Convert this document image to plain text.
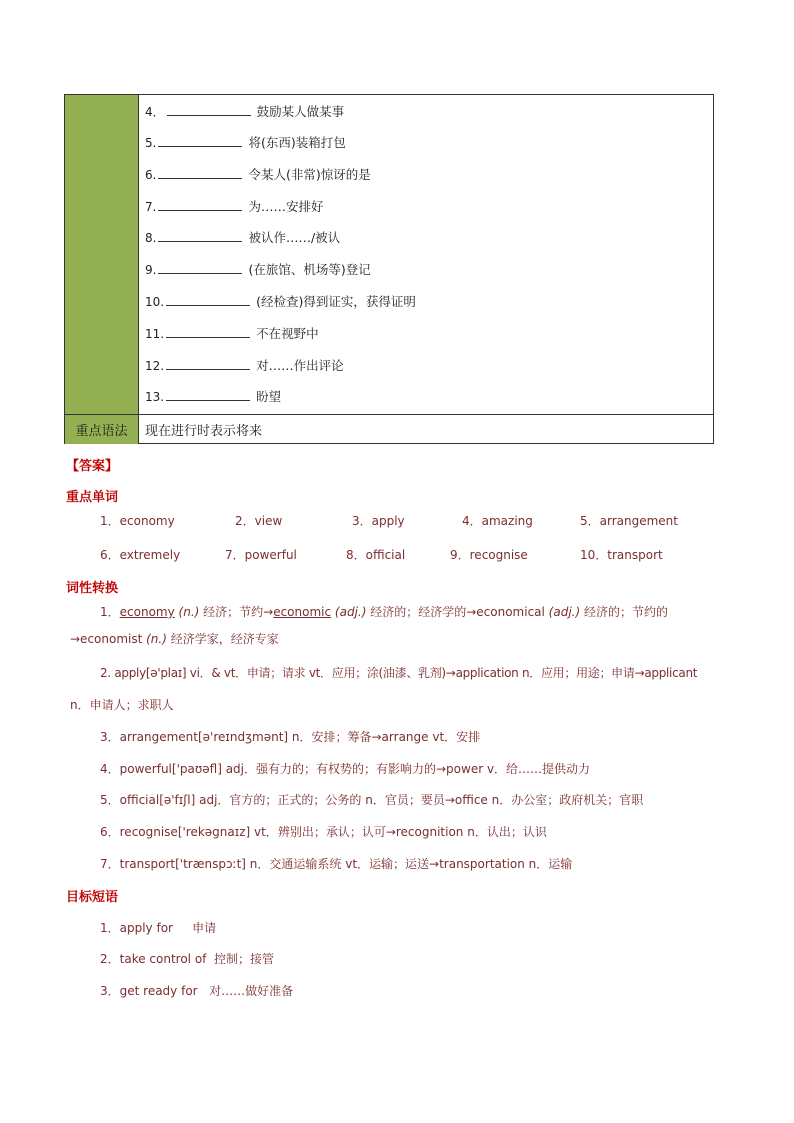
重点语法	现在进行时表示将来
4．	鼓励某人做某事
5.	将(东西)装箱打包
6.	令某人(非常)惊讶的是
7.	为……安排好
8.	被认作……/被认
9.	(在旅馆、机场等)登记
10.	(经检查)得到证实，获得证明
11.	不在视野中
12.	对……作出评论
13.	盼望
【答案】
重点单词
1．economy	2．view	3．apply	4．amazing	5．arrangement
6．extremely	7．powerful	8．official	9．recognise	10．transport
词性转换
1．economy (n.) 经济；节约→economic (adj.) 经济的；经济学的→economical (adj.) 经济的；节约的
→economist (n.) 经济学家，经济专家
2. apply[ə'plaɪ] vi．& vt．申请；请求 vt．应用；涂(油漆、乳剂)→application n．应用；用途；申请→applicant
n．申请人；求职人
3．arrangement[ə'reɪndʒmənt] n．安排；筹备→arrange vt．安排
4．powerful['paʊəfl] adj．强有力的；有权势的；有影响力的→power v．给……提供动力
5．official[ə'fɪʃl] adj．官方的；正式的；公务的 n．官员；要员→office n．办公室；政府机关；官职
6．recognise['rekəgnaɪz] vt．辨别出；承认；认可→recognition n．认出；认识
7．transport['trænspɔːt] n．交通运输系统 vt．运输；运送→transportation n．运输
目标短语
1．apply for 申请
2．take control of 控制；接管
3．get ready for 对……做好准备
